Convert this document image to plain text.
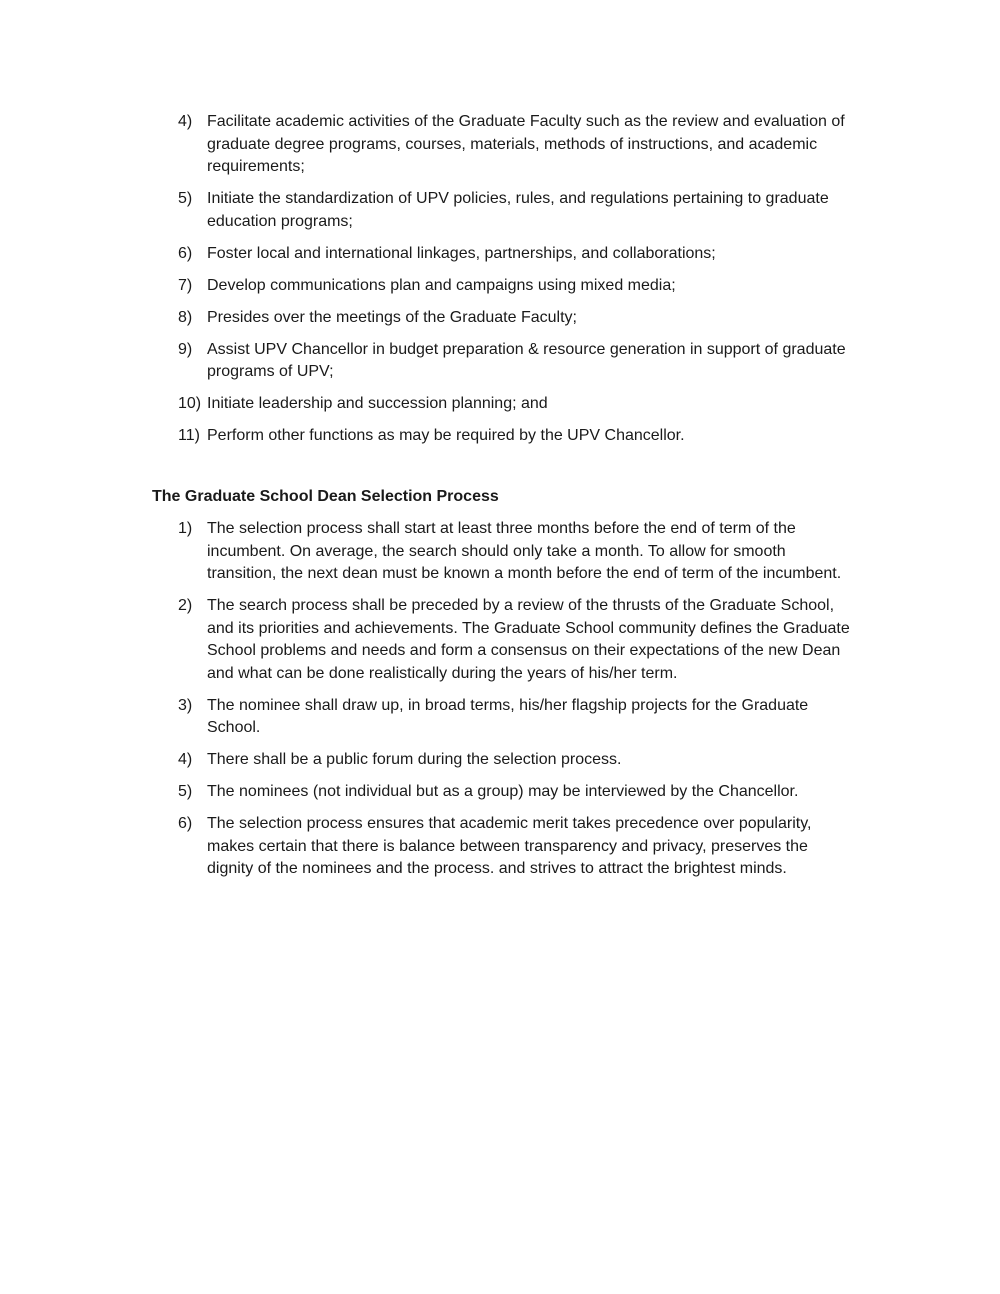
4) Facilitate academic activities of the Graduate Faculty such as the review and evaluation of graduate degree programs, courses, materials, methods of instructions, and academic requirements;
5) Initiate the standardization of UPV policies, rules, and regulations pertaining to graduate education programs;
6) Foster local and international linkages, partnerships, and collaborations;
7) Develop communications plan and campaigns using mixed media;
8) Presides over the meetings of the Graduate Faculty;
9) Assist UPV Chancellor in budget preparation & resource generation in support of graduate programs of UPV;
10) Initiate leadership and succession planning; and
11) Perform other functions as may be required by the UPV Chancellor.
The Graduate School Dean Selection Process
1) The selection process shall start at least three months before the end of term of the incumbent. On average, the search should only take a month. To allow for smooth transition, the next dean must be known a month before the end of term of the incumbent.
2) The search process shall be preceded by a review of the thrusts of the Graduate School, and its priorities and achievements. The Graduate School community defines the Graduate School problems and needs and form a consensus on their expectations of the new Dean and what can be done realistically during the years of his/her term.
3) The nominee shall draw up, in broad terms, his/her flagship projects for the Graduate School.
4) There shall be a public forum during the selection process.
5) The nominees (not individual but as a group) may be interviewed by the Chancellor.
6) The selection process ensures that academic merit takes precedence over popularity, makes certain that there is balance between transparency and privacy, preserves the dignity of the nominees and the process. and strives to attract the brightest minds.
